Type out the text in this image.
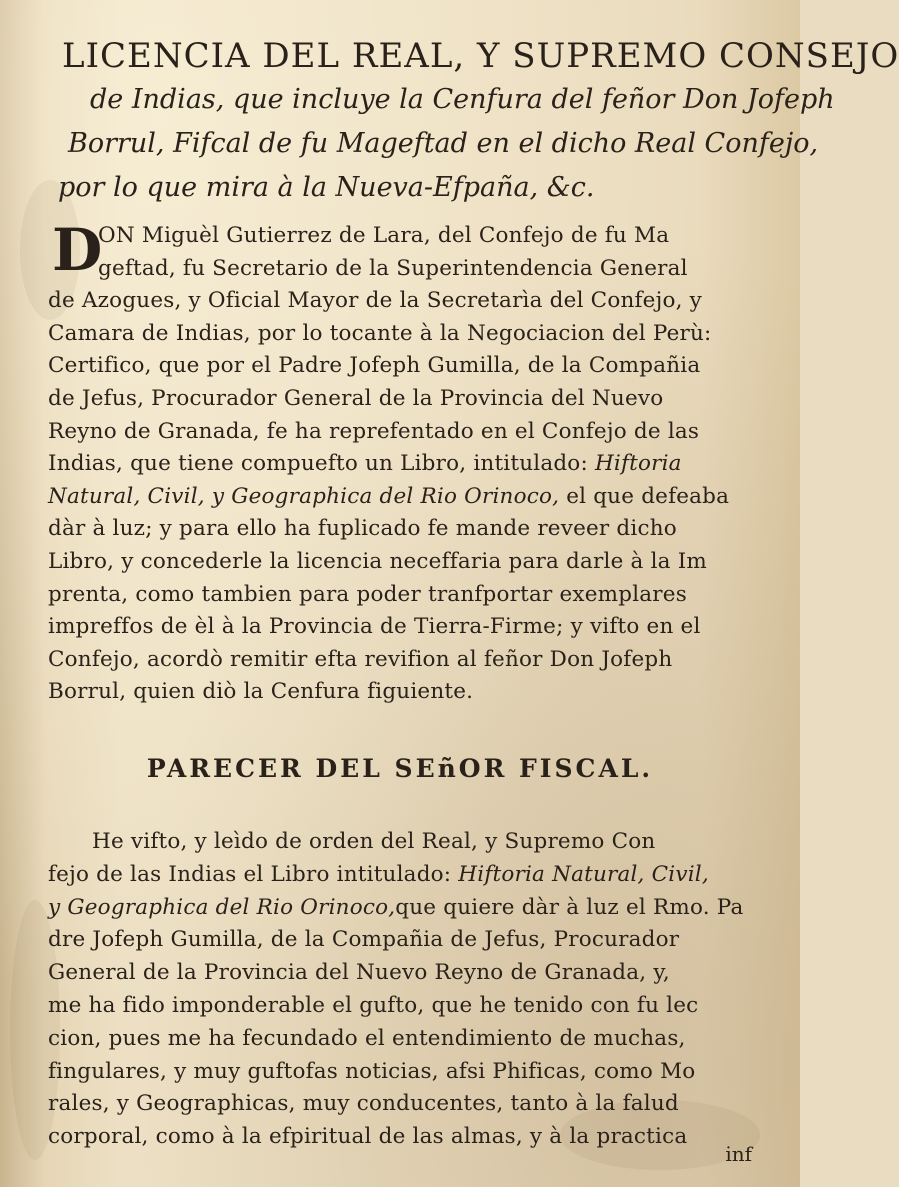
LICENCIA DEL REAL, Y SUPREMO CONSEJO
de Indias, que incluye la Cenfura del feñor Don Jofeph
Borrul, Fifcal de fu Mageftad en el dicho Real Confejo,
por lo que mira à la Nueva-Efpaña, &c.
D
ON Miguèl Gutierrez de Lara, del Confejo de fu Ma
geftad, fu Secretario de la Superintendencia General
de Azogues, y Oficial Mayor de la Secretarìa del Confejo, y
Camara de Indias, por lo tocante à la Negociacion del Perù:
Certifico, que por el Padre Jofeph Gumilla, de la Compañia
de Jefus, Procurador General de la Provincia del Nuevo
Reyno de Granada, fe ha reprefentado en el Confejo de las
Indias, que tiene compuefto un Libro, intitulado: Hiftoria
Natural, Civil, y Geographica del Rio Orinoco, el que defeaba
dàr à luz; y para ello ha fuplicado fe mande reveer dicho
Libro, y concederle la licencia neceffaria para darle à la Im
prenta, como tambien para poder tranfportar exemplares
impreffos de èl à la Provincia de Tierra-Firme; y vifto en el
Confejo, acordò remitir efta revifion al feñor Don Jofeph
Borrul, quien diò la Cenfura figuiente.
PARECER DEL SEñOR FISCAL.
He vifto, y leìdo de orden del Real, y Supremo Con
fejo de las Indias el Libro intitulado: Hiftoria Natural, Civil,
y Geographica del Rio Orinoco,que quiere dàr à luz el Rmo. Pa
dre Jofeph Gumilla, de la Compañia de Jefus, Procurador
General de la Provincia del Nuevo Reyno de Granada, y,
me ha fido imponderable el gufto, que he tenido con fu lec
cion, pues me ha fecundado el entendimiento de muchas,
fingulares, y muy guftofas noticias, afsi Phificas, como Mo
rales, y Geographicas, muy conducentes, tanto à la falud
corporal, como à la efpiritual de las almas, y à la practica
inf
